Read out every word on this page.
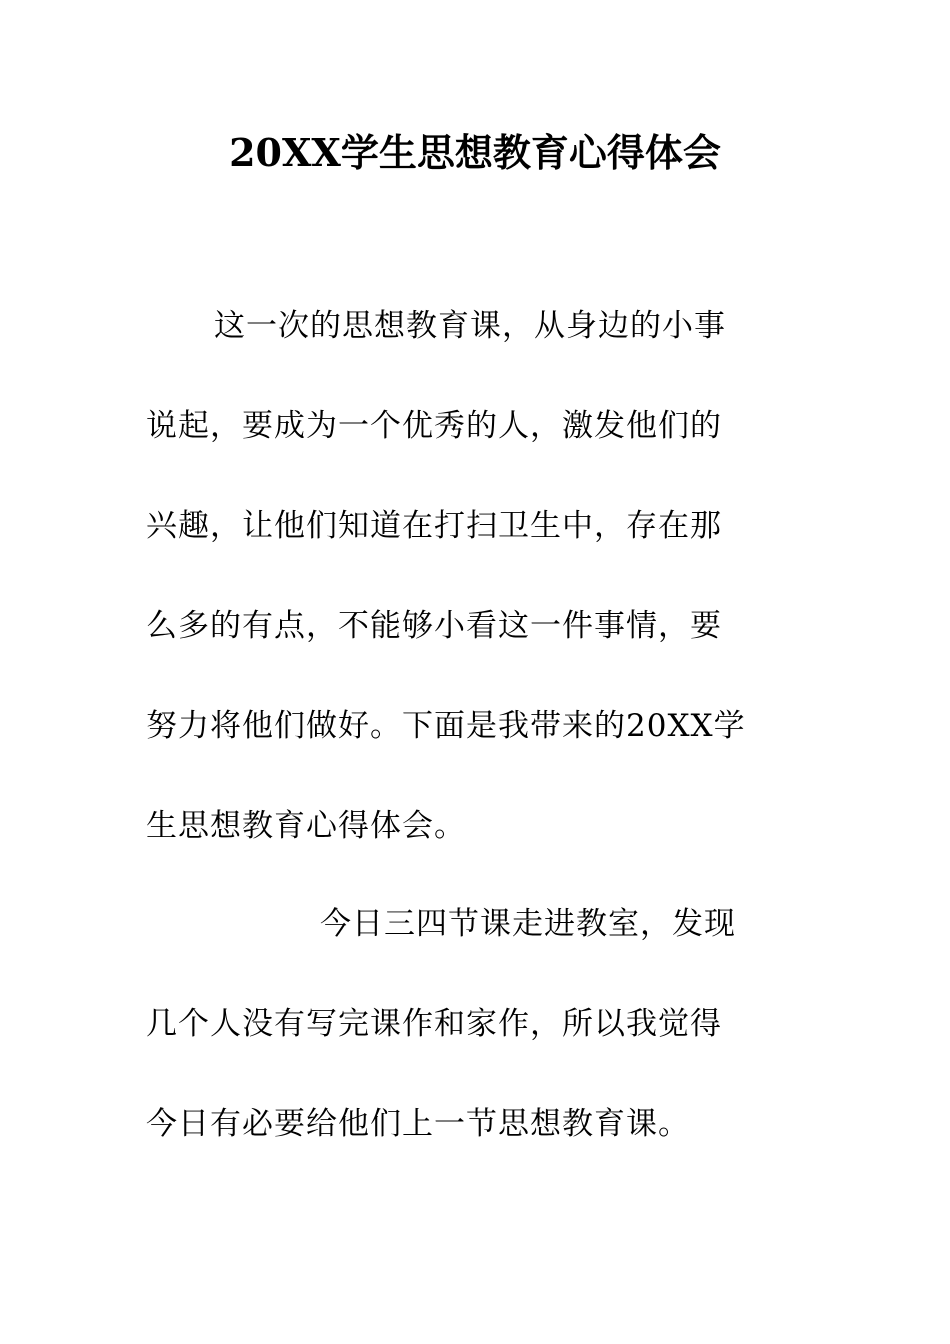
20XX学生思想教育心得体会
这一次的思想教育课，从身边的小事
说起，要成为一个优秀的人，激发他们的
兴趣，让他们知道在打扫卫生中，存在那
么多的有点，不能够小看这一件事情，要
努力将他们做好。下面是我带来的20XX学
生思想教育心得体会。
今日三四节课走进教室，发现
几个人没有写完课作和家作，所以我觉得
今日有必要给他们上一节思想教育课。
